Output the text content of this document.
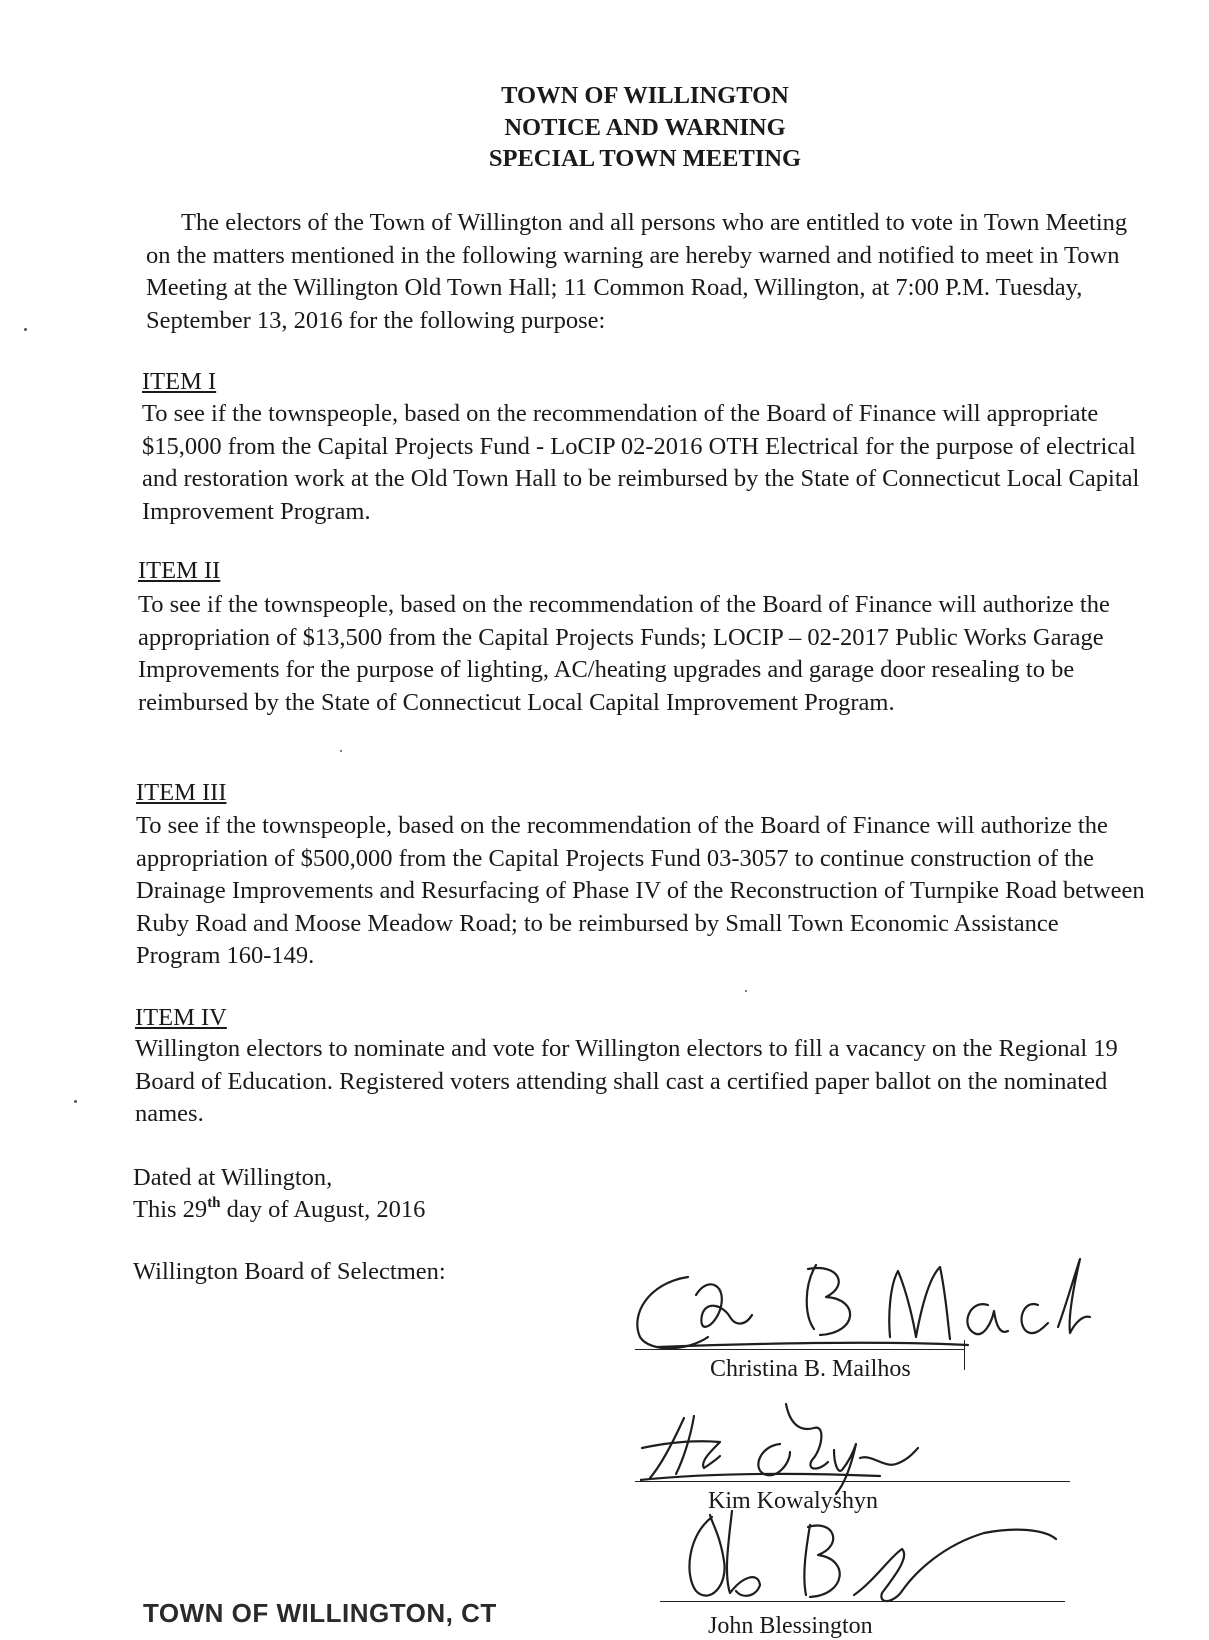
TOWN OF WILLINGTON
NOTICE AND WARNING
SPECIAL TOWN MEETING
The electors of the Town of Willington and all persons who are entitled to vote in Town Meeting on the matters mentioned in the following warning are hereby warned and notified to meet in Town Meeting at the Willington Old Town Hall; 11 Common Road, Willington, at 7:00 P.M. Tuesday, September 13, 2016 for the following purpose:
ITEM I
To see if the townspeople, based on the recommendation of the Board of Finance will appropriate $15,000 from the Capital Projects Fund - LoCIP 02-2016 OTH Electrical for the purpose of electrical and restoration work at the Old Town Hall to be reimbursed by the State of Connecticut Local Capital Improvement Program.
ITEM II
To see if the townspeople, based on the recommendation of the Board of Finance will authorize the appropriation of $13,500 from the Capital Projects Funds; LOCIP – 02-2017 Public Works Garage Improvements for the purpose of lighting, AC/heating upgrades and garage door resealing to be reimbursed by the State of Connecticut Local Capital Improvement Program.
ITEM III
To see if the townspeople, based on the recommendation of the Board of Finance will authorize the appropriation of $500,000 from the Capital Projects Fund 03-3057 to continue construction of the Drainage Improvements and Resurfacing of Phase IV of the Reconstruction of Turnpike Road between Ruby Road and Moose Meadow Road; to be reimbursed by Small Town Economic Assistance Program 160-149.
ITEM IV
Willington electors to nominate and vote for Willington electors to fill a vacancy on the Regional 19 Board of Education. Registered voters attending shall cast a certified paper ballot on the nominated names.
Dated at Willington,
This 29th day of August, 2016
Willington Board of Selectmen:
Christina B. Mailhos
Kim Kowalyshyn
John Blessington
TOWN OF WILLINGTON, CT
